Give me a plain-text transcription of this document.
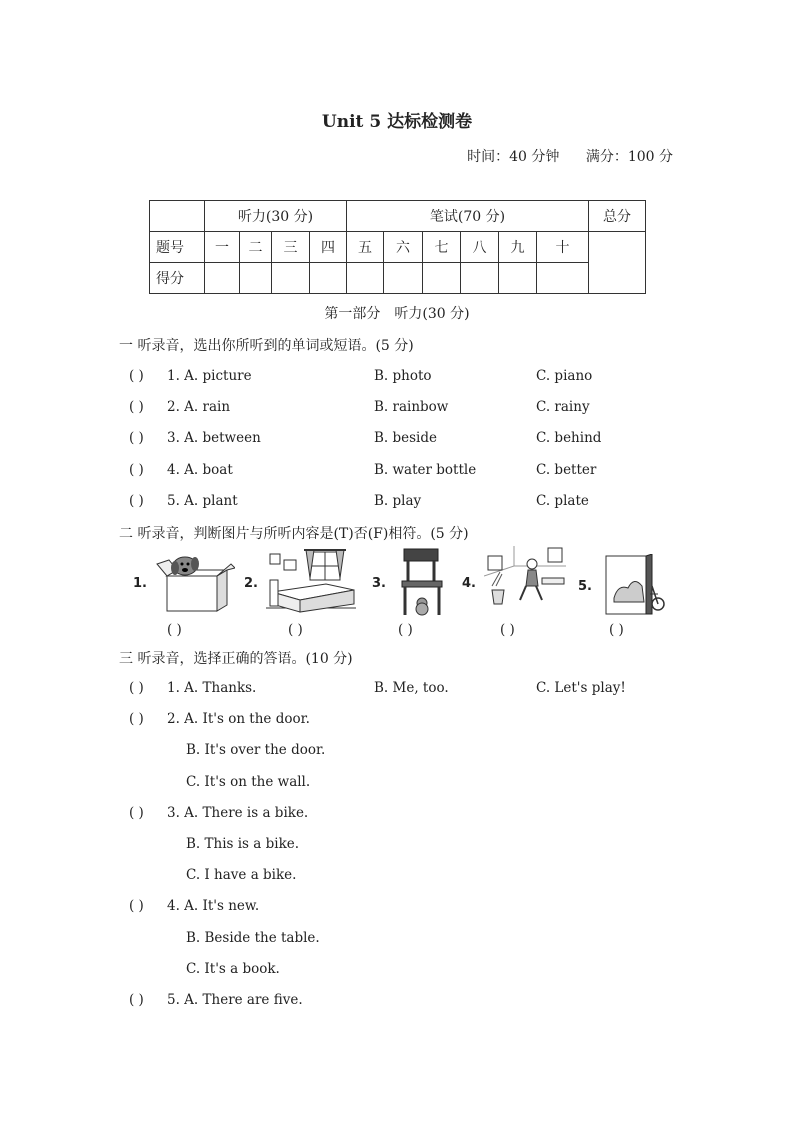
Unit 5 达标检测卷
时间：40 分钟 满分：100 分
	听力(30 分)				笔试(70 分)						总分
题号	一	二	三	四	五	六	七	八	九	十	
得分											
第一部分　听力(30 分)
一 听录音，选出你所听到的单词或短语。(5 分)
( ) 1. A. picture	B. photo	C. piano
( ) 2. A. rain	B. rainbow	C. rainy
( ) 3. A. between	B. beside	C. behind
( ) 4. A. boat	B. water bottle	C. better
( ) 5. A. plant	B. play	C. plate
二 听录音，判断图片与所听内容是(T)否(F)相符。(5 分)
1.	2.	3.	4.	5.
( )	( )	( )	( )	( )
三 听录音，选择正确的答语。(10 分)
( ) 1. A. Thanks.	B. Me, too.	C. Let's play!
( ) 2. A. It's on the door.
B. It's over the door.
C. It's on the wall.
( ) 3. A. There is a bike.
B. This is a bike.
C. I have a bike.
( ) 4. A. It's new.
B. Beside the table.
C. It's a book.
( ) 5. A. There are five.
